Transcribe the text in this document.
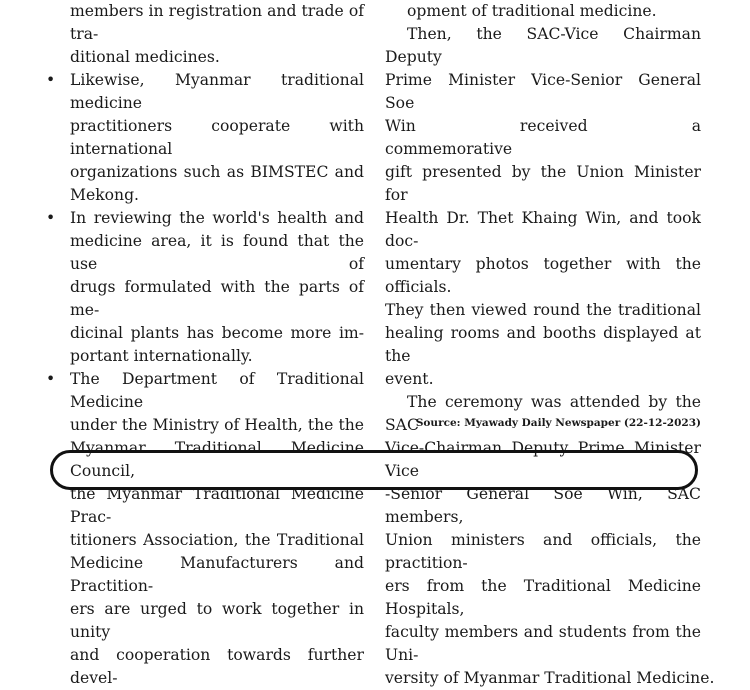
members in registration and trade of tra-
ditional medicines.
• Likewise, Myanmar traditional medicine
practitioners cooperate with international
organizations such as BIMSTEC and
Mekong.
• In reviewing the world's health and
medicine area, it is found that the use of
drugs formulated with the parts of me-
dicinal plants has become more im-
portant internationally.
• The Department of Traditional Medicine
under the Ministry of Health, the the
Myanmar Traditional Medicine Council,
the Myanmar Traditional Medicine Prac-
titioners Association, the Traditional
Medicine Manufacturers and Practition-
ers are urged to work together in unity
and cooperation towards further devel-
opment of traditional medicine.
Then, the SAC-Vice Chairman Deputy
Prime Minister Vice-Senior General Soe
Win received a commemorative
gift presented by the Union Minister for
Health Dr. Thet Khaing Win, and took doc-
umentary photos together with the officials.
They then viewed round the traditional
healing rooms and booths displayed at the
event.
The ceremony was attended by the SAC
Vice-Chairman Deputy Prime Minister Vice
-Senior General Soe Win, SAC members,
Union ministers and officials, the practition-
ers from the Traditional Medicine Hospitals,
faculty members and students from the Uni-
versity of Myanmar Traditional Medicine.
Source: Myawady Daily Newspaper (22-12-2023)
